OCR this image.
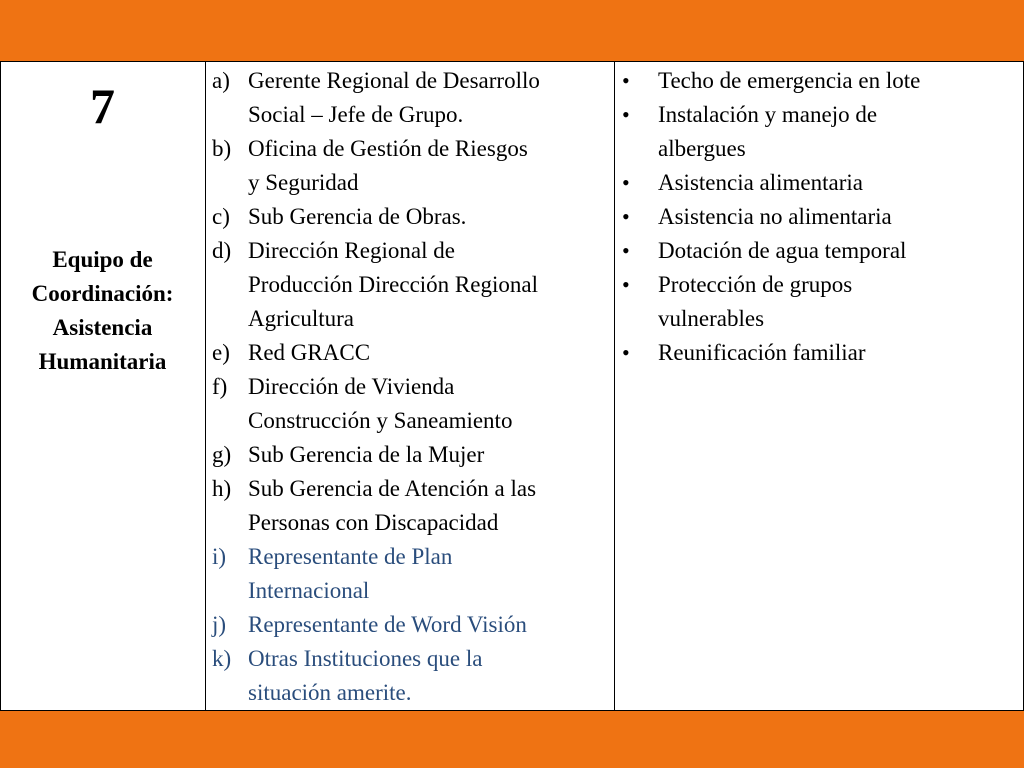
7
Equipo de
Coordinación:
Asistencia
Humanitaria
a) Gerente Regional de Desarrollo
Social – Jefe de Grupo.
b) Oficina de Gestión de Riesgos
y Seguridad
c) Sub Gerencia de Obras.
d) Dirección Regional de
Producción Dirección Regional
Agricultura
e) Red GRACC
f) Dirección de Vivienda
Construcción y Saneamiento
g) Sub Gerencia de la Mujer
h) Sub Gerencia de Atención a las
Personas con Discapacidad
i) Representante de Plan
Internacional
j) Representante de Word Visión
k) Otras Instituciones que la
situación amerite.
• Techo de emergencia en lote
• Instalación y manejo de
albergues
• Asistencia alimentaria
• Asistencia no alimentaria
• Dotación de agua temporal
• Protección de grupos
vulnerables
• Reunificación familiar
